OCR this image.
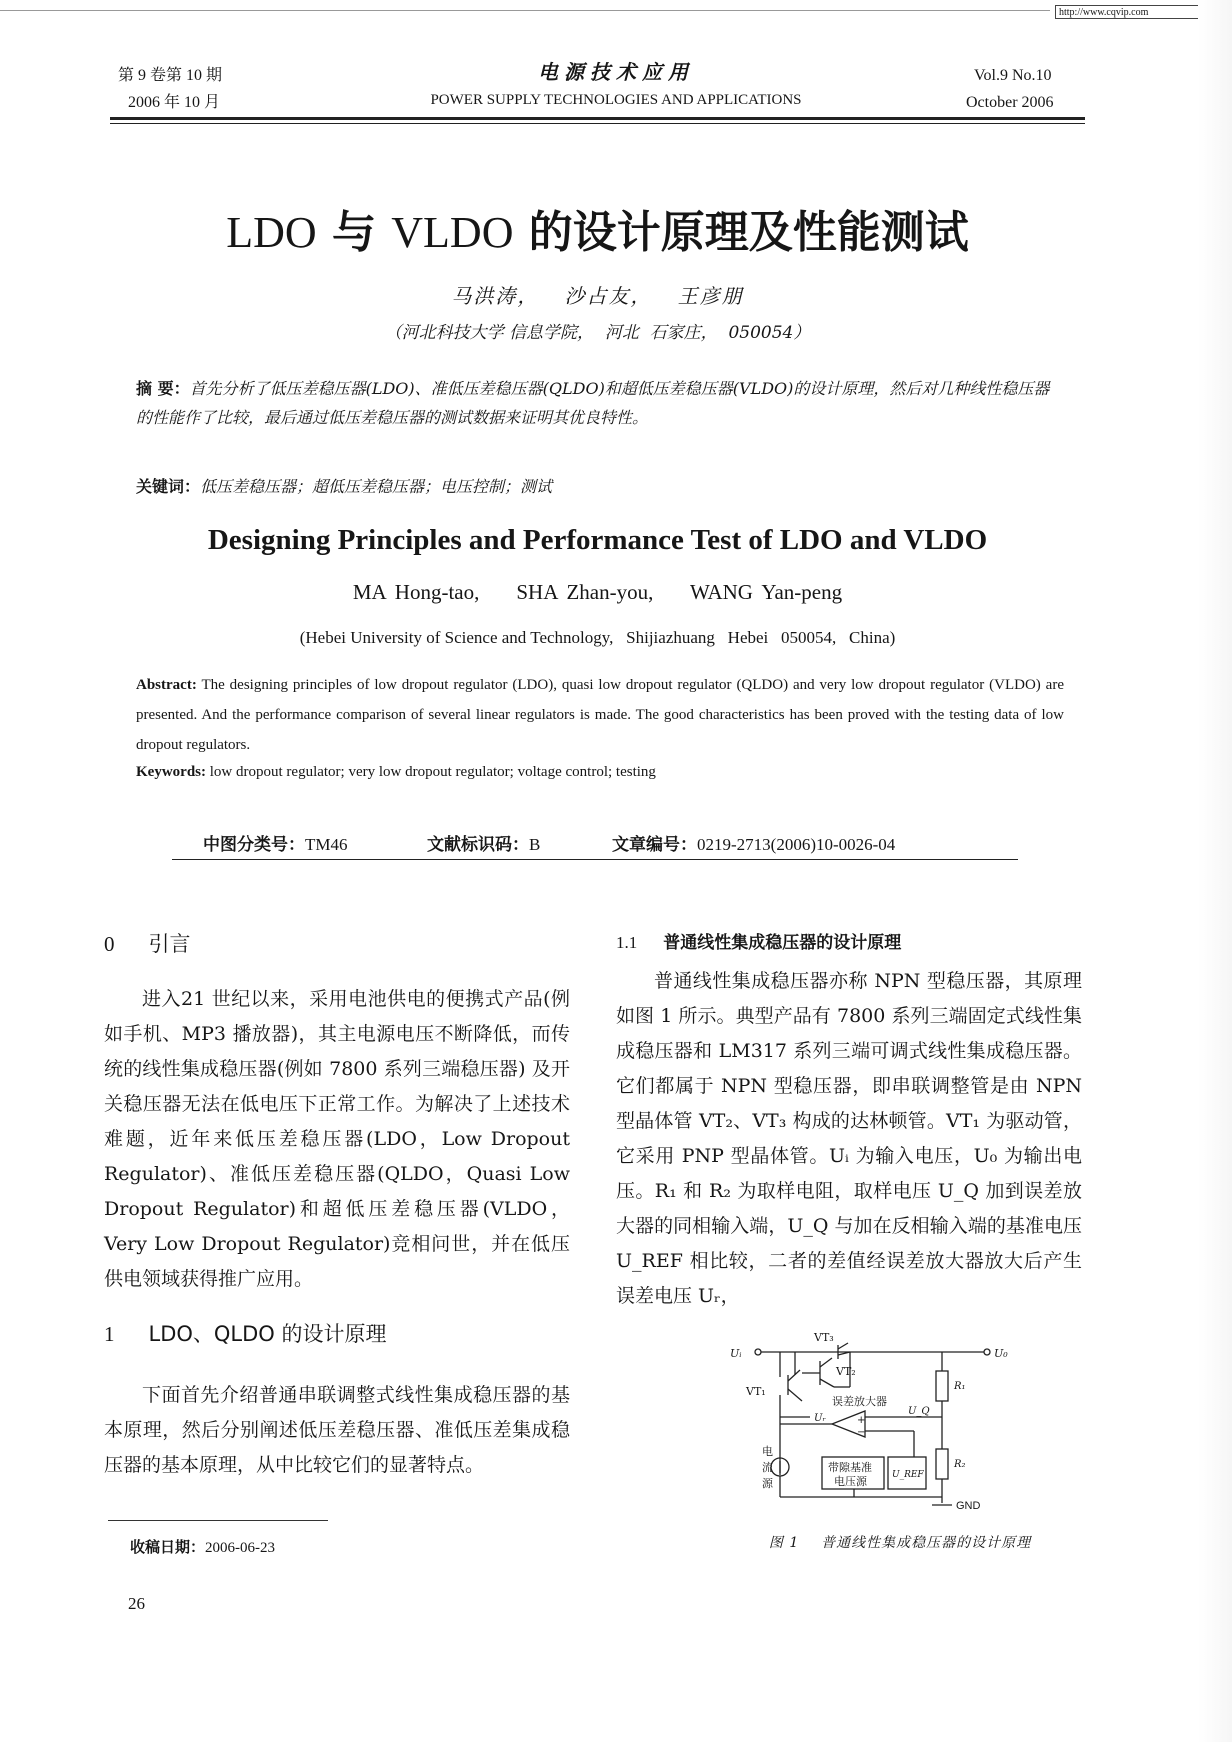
http://www.cqvip.com
第 9 卷第 10 期
2006 年 10 月
电源技术应用
POWER SUPPLY TECHNOLOGIES AND APPLICATIONS
Vol.9 No.10
October 2006
LDO 与 VLDO 的设计原理及性能测试
马洪涛，   沙占友，   王彦朋
（河北科技大学 信息学院，  河北  石家庄，  050054）
摘 要：首先分析了低压差稳压器(LDO)、准低压差稳压器(QLDO)和超低压差稳压器(VLDO)的设计原理，然后对几种线性稳压器的性能作了比较，最后通过低压差稳压器的测试数据来证明其优良特性。
关键词：低压差稳压器；超低压差稳压器；电压控制；测试
Designing Principles and Performance Test of LDO and VLDO
MA Hong-tao,    SHA Zhan-you,    WANG Yan-peng
(Hebei University of Science and Technology,   Shijiazhuang   Hebei   050054,   China)
Abstract: The designing principles of low dropout regulator (LDO), quasi low dropout regulator (QLDO) and very low dropout regulator (VLDO) are presented. And the performance comparison of several linear regulators is made. The good characteristics has been proved with the testing data of low dropout regulators.
Keywords: low dropout regulator; very low dropout regulator; voltage control; testing
中图分类号：TM46	文献标识码：B	文章编号：0219-2713(2006)10-0026-04
0 引言

进入21 世纪以来，采用电池供电的便携式产品(例如手机、MP3 播放器)，其主电源电压不断降低，而传统的线性集成稳压器(例如 7800 系列三端稳压器) 及开关稳压器无法在低电压下正常工作。为解决了上述技术难题，近年来低压差稳压器(LDO，Low Dropout Regulator)、准低压差稳压器(QLDO，Quasi Low Dropout Regulator)和超低压差稳压器(VLDO，Very Low Dropout Regulator)竞相问世，并在低压供电领域获得推广应用。

1 LDO、QLDO 的设计原理

下面首先介绍普通串联调整式线性集成稳压器的基本原理，然后分别阐述低压差稳压器、准低压差集成稳压器的基本原理，从中比较它们的显著特点。

收稿日期：2006-06-23
26
1.1 普通线性集成稳压器的设计原理

普通线性集成稳压器亦称 NPN 型稳压器，其原理如图 1 所示。典型产品有 7800 系列三端固定式线性集成稳压器和 LM317 系列三端可调式线性集成稳压器。它们都属于 NPN 型稳压器，即串联调整管是由 NPN 型晶体管 VT₂、VT₃ 构成的达林顿管。VT₁ 为驱动管，它采用 PNP 型晶体管。Uᵢ 为输入电压，U₀ 为输出电压。R₁ 和 R₂ 为取样电阻，取样电压 U_Q 加到误差放大器的同相输入端，U_Q 与加在反相输入端的基准电压 U_REF 相比较，二者的差值经误差放大器放大后产生误差电压 Uᵣ，

Uᵢ	U₀
VT₁
VT₂
VT₃
误差放大器
Uᵣ
U_Q
R₁
R₂
+
−
电
流
源
带隙基准
电压源	U_REF
GND
图 1    普通线性集成稳压器的设计原理
